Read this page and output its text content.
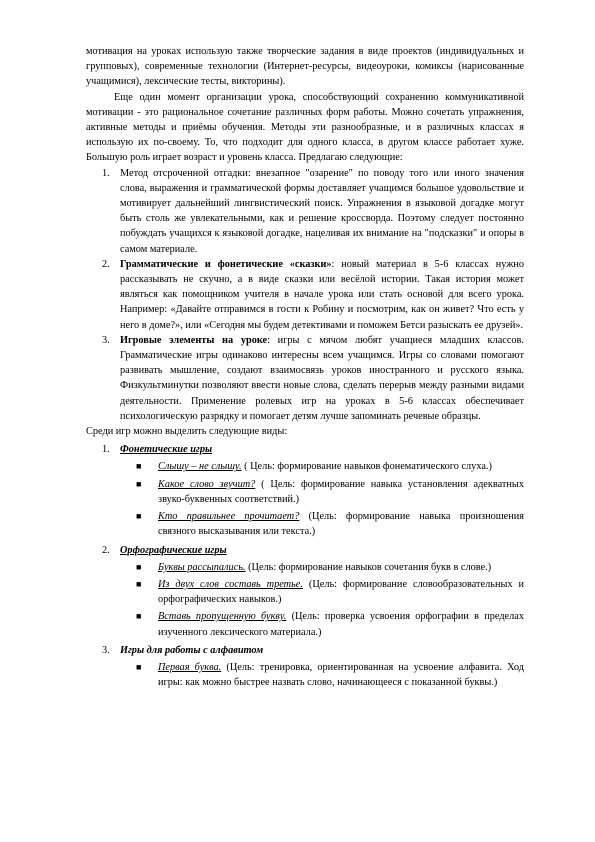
мотивация на уроках использую также творческие задания в виде проектов (индивидуальных и групповых), современные технологии (Интернет-ресурсы, видеоуроки, комиксы (нарисованные учащимися), лексические тесты, викторины).

Еще один момент организации урока, способствующий сохранению коммуникативной мотивации - это рациональное сочетание различных форм работы. Можно сочетать упражнения, активные методы и приёмы обучения. Методы эти разнообразные, и в различных классах я использую их по-своему. То, что подходит для одного класса, в другом классе работает хуже. Большую роль играет возраст и уровень класса. Предлагаю следующие:

1. Метод отсроченной отгадки: внезапное "озарение" по поводу того или иного значения слова, выражения и грамматической формы доставляет учащимся большое удовольствие и мотивирует дальнейший лингвистический поиск. Упражнения в языковой догадке могут быть столь же увлекательными, как и решение кроссворда. Поэтому следует постоянно побуждать учащихся к языковой догадке, нацеливая их внимание на "подсказки" и опоры в самом материале.
2. Грамматические и фонетические «сказки»: новый материал в 5-6 классах нужно рассказывать не скучно, а в виде сказки или весёлой истории. Такая история может являться как помощником учителя в начале урока или стать основой для всего урока. Например: «Давайте отправимся в гости к Робину и посмотрим, как он живет? Что есть у него в доме?», или «Сегодня мы будем детективами и поможем Бетси разыскать ее друзей».
3. Игровые элементы на уроке: игры с мячом любят учащиеся младших классов. Грамматические игры одинаково интересны всем учащимся. Игры со словами помогают развивать мышление, создают взаимосвязь уроков иностранного и русского языка. Физкультминутки позволяют ввести новые слова, сделать перерыв между разными видами деятельности. Применение ролевых игр на уроках в 5-6 классах обеспечивает психологическую разрядку и помогает детям лучше запоминать речевые образцы.

Среди игр можно выделить следующие виды:

1. Фонетические игры
■ Слышу – не слышу. ( Цель: формирование навыков фонематического слуха.)
■ Какое слово звучит? ( Цель: формирование навыка установления адекватных звуко-буквенных соответствий.)
■ Кто правильнее прочитает? (Цель: формирование навыка произношения связного высказывания или текста.)
2. Орфографические игры
■ Буквы рассыпались. (Цель: формирование навыков сочетания букв в слове.)
■ Из двух слов составь третье. (Цель: формирование словообразовательных и орфографических навыков.)
■ Вставь пропущенную букву. (Цель: проверка усвоения орфографии в пределах изученного лексического материала.)
3. Игры для работы с алфавитом
■ Первая буква. (Цель: тренировка, ориентированная на усвоение алфавита. Ход игры: как можно быстрее назвать слово, начинающееся с показанной буквы.)
